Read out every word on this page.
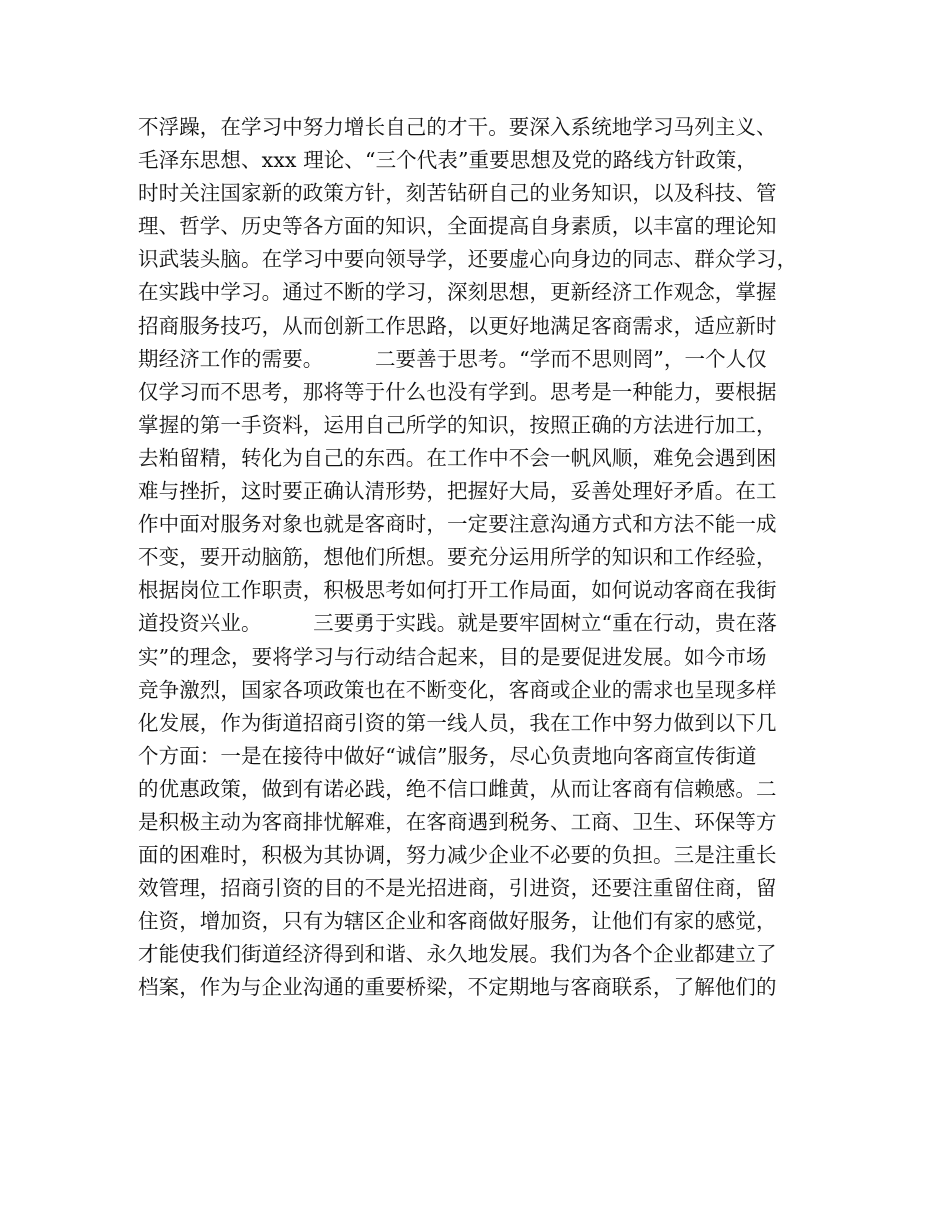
不浮躁，在学习中努力增长自己的才干。要深入系统地学习马列主义、
毛泽东思想、xxx 理论、“三个代表”重要思想及党的路线方针政策，
时时关注国家新的政策方针，刻苦钻研自己的业务知识，以及科技、管
理、哲学、历史等各方面的知识，全面提高自身素质，以丰富的理论知
识武装头脑。在学习中要向领导学，还要虚心向身边的同志、群众学习，
在实践中学习。通过不断的学习，深刻思想，更新经济工作观念，掌握
招商服务技巧，从而创新工作思路，以更好地满足客商需求，适应新时
期经济工作的需要。　　　二要善于思考。“学而不思则罔”，一个人仅
仅学习而不思考，那将等于什么也没有学到。思考是一种能力，要根据
掌握的第一手资料，运用自己所学的知识，按照正确的方法进行加工，
去粕留精，转化为自己的东西。在工作中不会一帆风顺，难免会遇到困
难与挫折，这时要正确认清形势，把握好大局，妥善处理好矛盾。在工
作中面对服务对象也就是客商时，一定要注意沟通方式和方法不能一成
不变，要开动脑筋，想他们所想。要充分运用所学的知识和工作经验，
根据岗位工作职责，积极思考如何打开工作局面，如何说动客商在我街
道投资兴业。　　　三要勇于实践。就是要牢固树立“重在行动，贵在落
实”的理念，要将学习与行动结合起来，目的是要促进发展。如今市场
竞争激烈，国家各项政策也在不断变化，客商或企业的需求也呈现多样
化发展，作为街道招商引资的第一线人员，我在工作中努力做到以下几
个方面：一是在接待中做好“诚信”服务，尽心负责地向客商宣传街道
的优惠政策，做到有诺必践，绝不信口雌黄，从而让客商有信赖感。二
是积极主动为客商排忧解难，在客商遇到税务、工商、卫生、环保等方
面的困难时，积极为其协调，努力减少企业不必要的负担。三是注重长
效管理，招商引资的目的不是光招进商，引进资，还要注重留住商，留
住资，增加资，只有为辖区企业和客商做好服务，让他们有家的感觉，
才能使我们街道经济得到和谐、永久地发展。我们为各个企业都建立了
档案，作为与企业沟通的重要桥梁，不定期地与客商联系，了解他们的
